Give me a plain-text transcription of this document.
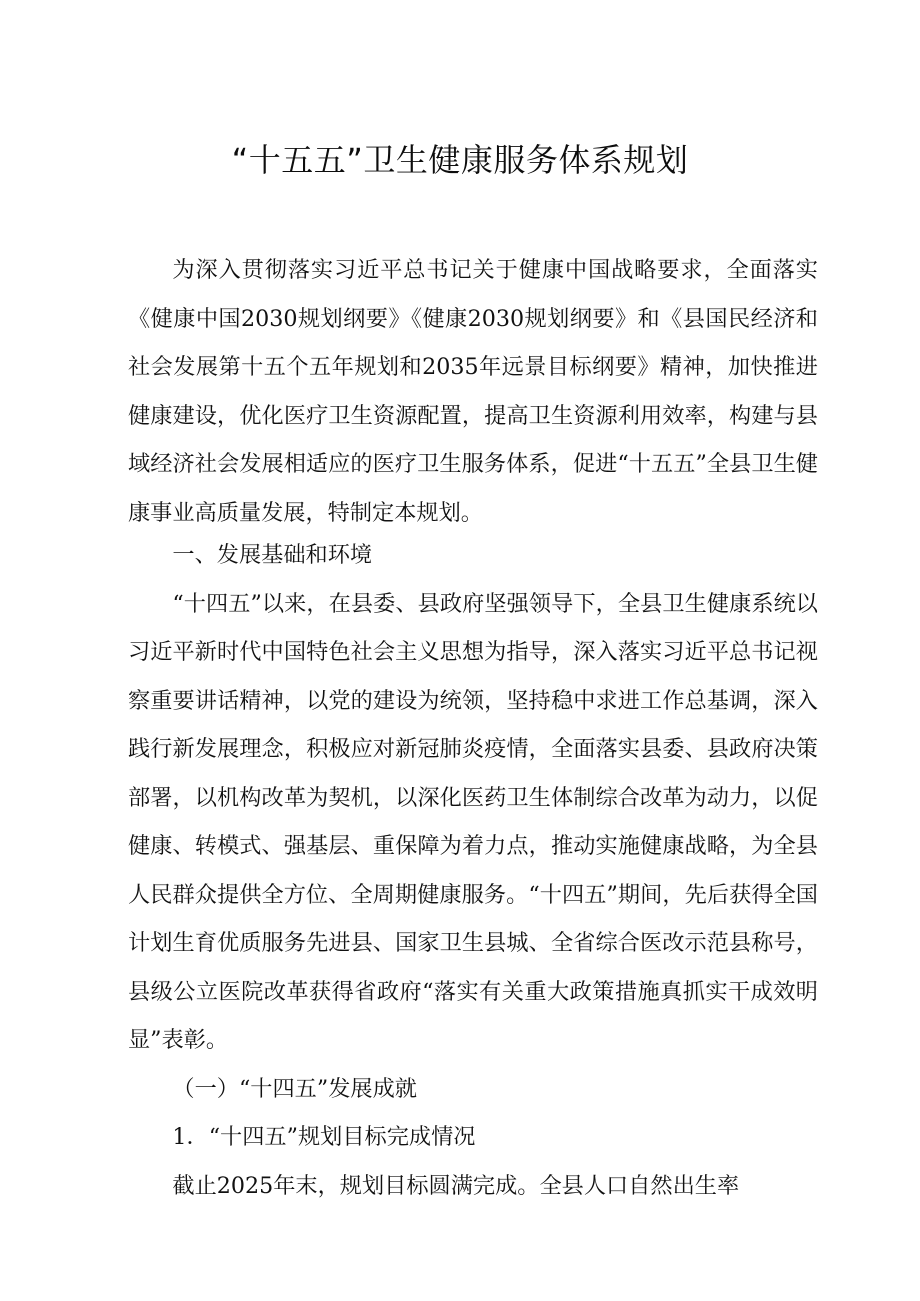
“十五五”卫生健康服务体系规划

为深入贯彻落实习近平总书记关于健康中国战略要求，全面落实《健康中国2030规划纲要》《健康2030规划纲要》和《县国民经济和社会发展第十五个五年规划和2035年远景目标纲要》精神，加快推进健康建设，优化医疗卫生资源配置，提高卫生资源利用效率，构建与县域经济社会发展相适应的医疗卫生服务体系，促进“十五五”全县卫生健康事业高质量发展，特制定本规划。

一、发展基础和环境

“十四五”以来，在县委、县政府坚强领导下，全县卫生健康系统以习近平新时代中国特色社会主义思想为指导，深入落实习近平总书记视察重要讲话精神，以党的建设为统领，坚持稳中求进工作总基调，深入践行新发展理念，积极应对新冠肺炎疫情，全面落实县委、县政府决策部署，以机构改革为契机，以深化医药卫生体制综合改革为动力，以促健康、转模式、强基层、重保障为着力点，推动实施健康战略，为全县人民群众提供全方位、全周期健康服务。“十四五”期间，先后获得全国计划生育优质服务先进县、国家卫生县城、全省综合医改示范县称号，县级公立医院改革获得省政府“落实有关重大政策措施真抓实干成效明显”表彰。

（一）“十四五”发展成就

1．“十四五”规划目标完成情况

截止2025年末，规划目标圆满完成。全县人口自然出生率
